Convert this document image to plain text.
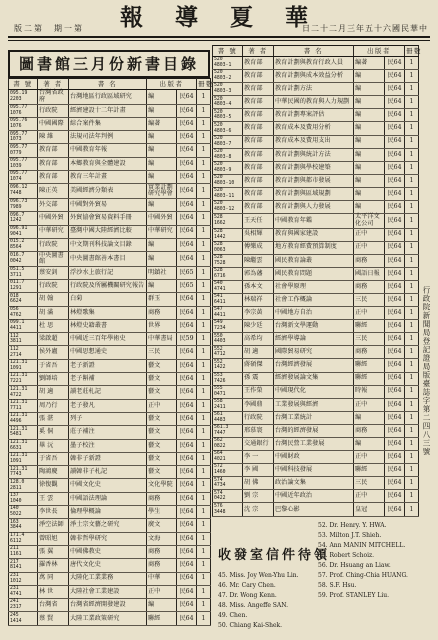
版二第　期一第 報 導 夏 華
日二十二月三年五十六國民華中
圖書館三月份新書目錄
書 號	著 者	書 名	出版者		冊數

095.19
2203	台灣省政府	台灣地區行政區域研究	編	民64	1

095.77
1076	行政院	經濟建設十二年計畫	編	民64	1

095.76
1076	中國國際	綜合案件集	編著	民64	1

095.77
1073	陳 維	法規司法年判例	編	民64	1

095.77
0779	教育部	中國教育年報	編	民64	1

095.77
1039	教育部	本鄉教育與全體建設	編	民64	1

095.77
1074	教育部	教育三年計畫	編	民64	1

096.12
7448	陳正英	美國經濟分類表	實業計劃研究學會	民64	1

096.73
7989	外交部	中國對外貿易	編	民64	1

096.7
1242	中國外貿	外貿協會貿易資料手冊	中國外貿	民64	1

096.91
9041	中華研究	臺灣中國大陸經濟比較	中華研究	民64	1

015.2
8564	行政院	中文期刊科技論文目錄	編	民64	1

016.7
0042	中央圖書館	中央圖書館善本書目	編	民64	1

051.5
3711	蔡安釗	浮沙水上旅行記	明鎮社	民65	1

011.7
1291	行政院	行政院及所屬機關研究報告	編	民65	1

018
6624	胡 翰	白菊	群玉	民64	1

056
4762	胡 滿	林燈歌集	商務	民64	1

099.1
4411	杜 思	林燈史籍叢書	世界	民64	1

112
3811	梁啟超	中國近三百年學術史	中華書局	民59	1

112
2714	侯外廬	中國思想通史	三民	民64	1

121.31
1091	于省吾	老子新證	藝文	民64	1

121.31
7221	劉師培	老子斠補	藝文	民64	1

121.31
4722	胡 適	讀老莊札記	藝文	民64	1

121.31
7711	周乃行	老子發凡	正中	民64	1

121.31
4496	張 湛	列子	藝文	民64	1

121.31
5481	奚 侗	莊子補注	藝文	民64	1

121.31
6631	畢 沅	墨子校注	藝文	民64	1

121.31
1091	于省吾	韓非子新證	藝文	民64	1

121.31
7743	陶鴻慶	讀韓非子札記	藝文	民64	1

128.0
2811	徐復觀	中國文化史	文化學院	民64	1

137
1040	王 雲	中國語法理論	商務	民64	1

140
5022	李世長	倫理學概論	學生	民64	1

163
3844	淨空法師	淨土宗文藝之研究	廣文	民64	1

171.4
6112	曾昭旭	韓非哲學研究	文海	民64	1

211
1161	張 翼	中國佛教史	商務	民64	1

217
8141	羅香林	唐代文化史	商務	民64	1

231
1012	萬 同	大陸化工業業務	中華	民64	1

231
4741	林 世	大陸社會工業建設	正中	民64	1

241
2317	台灣省	台灣省經濟開發建設	編	民64	1

245
1414	蔡 賢	大陸工業政策研究	聯經	民64	1
書 號	著 者	書 名	出版者		冊數

520
4803-1	教育部	教育計劃與教育行政人員	編著	民64	1

520
4803-2	教育部	教育計劃與成本效益分析	編	民64	1

520
4803-3	教育部	教育計劃方法	編	民64	1

520
4803-4	教育部	中華民國的教育與人力規劃	編	民64	1

520
4803-5	教育部	教育計劃專案評估	編	民64	1

520
4803-6	教育部	教育成本及費用分析	編	民64	1

520
4803-7	教育部	教育成本及費用支出	編	民64	1

520
4803-8	教育部	教育計劃與統計方法	編	民64	1

520
4803-9	教育部	教育計劃與學校建築	編	民64	1

520
4803-10	教育部	教育計劃與都市發展	編	民64	1

520
4803-11	教育部	教育計劃與區域規劃	編	民64	1

520
4803-12	教育部	教育計劃與人力發展	編	民64	1

528
1662	王天任	中國教育年鑑	太平洋文化公司	民64	1

528
1442	吳相輝	教育與國家建設	正中	民64	1

528
0063	傅樂成	地方教育經費預算制度	正中	民64	1

528
7528	陳繼雲	國民教育論叢	商務	民64	1

528
6716	郭為藩	國民教育問題	國語日報	民64	1

540
4741	孫本文	社會學原理	商務	民64	1

541
6411	林瑞祥	社會工作概論	三民	民64	1

547
4411	李宗黃	中國地方自治	正中	民64	1

549
7234	陳少廷	台灣新文學運動	聯經	民64	1

550
4403	高希均	經濟學導論	三民	民64	1

552
4712	胡 適	國際貿易研究	商務	民64	1

552
1422	蔣碩傑	台灣經濟發展	聯經	民64	1

553
7426	孫 震	經濟發展論文集	聯經	民64	1

555
0471	王作榮	中國現代化	時報	民64	1

558
2411	李國鼎	工業發展與經濟	正中	民64	1

561
4483	行政院	台灣工業統計	編	民64	1

561.3
7447	邢慕寰	台灣的經濟發展	商務	民64	1

562
0822	交通銀行	台灣民營工業發展	編	民64	1

564
4021	李 一	中國財政	正中	民64	1

572
1460	李 國	中國科技發展	聯經	民64	1

574
4734	胡 佛	政治論文集	三民	民64	1

574
0422	劉 宗	中國近年政治	正中	民64	1

576
3448	沈 宗	巴黎心影	皇冠	民64	1
收發室信件待領
45. Miss. Joy Wen-Yhu Lin.
46. Mr. Cary Chen.
47. Dr. Wong Kenn.
48. Miss. Angeffe SAN.
49. Chen.
50. Chiang Kai-Shek.
52. Dr. Henry. Y. HWA.
53. Milton J.T. Shieh.
54. Ann MANIN MITCHELL.
55. Robert Schoiz.
56. Dr. Hsuang an Liaw.
57. Prof. Ching-Chia HUANG.
58. S.F. Hsu.
59. Prof. STANLEY Liu.
行政院新聞局登記證局版臺誌字第二四八三號
